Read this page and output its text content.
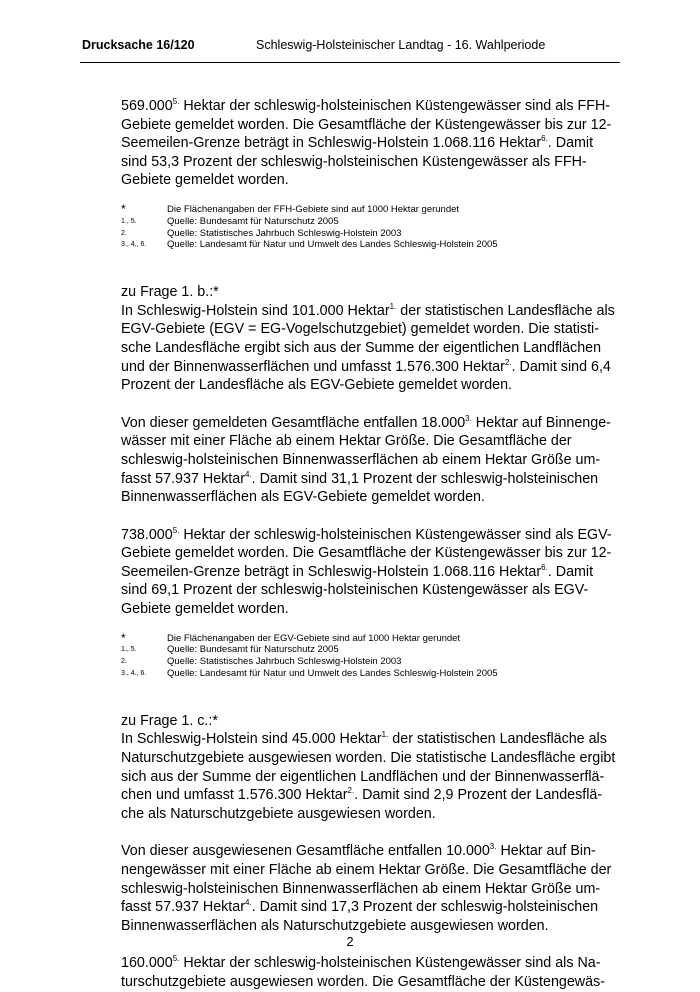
Drucksache 16/120	Schleswig-Holsteinischer Landtag - 16. Wahlperiode
$569.000^{5.}$ Hektar der schleswig-holsteinischen Küstengewässer sind als FFH-
Gebiete gemeldet worden. Die Gesamtfläche der Küstengewässer bis zur 12-
Seemeilen-Grenze beträgt in Schleswig-Holstein 1.068.116 Hektar$^{6.}$. Damit
sind 53,3 Prozent der schleswig-holsteinischen Küstengewässer als FFH-
Gebiete gemeldet worden.
*	Die Flächenangaben der FFH-Gebiete sind auf 1000 Hektar gerundet
1., 5.	Quelle: Bundesamt für Naturschutz 2005
2.	Quelle: Statistisches Jahrbuch Schleswig-Holstein 2003
3., 4., 6.	Quelle: Landesamt für Natur und Umwelt des Landes Schleswig-Holstein 2005
zu Frage 1. b.:*
In Schleswig-Holstein sind 101.000 Hektar$^{1.}$ der statistischen Landesfläche als
EGV-Gebiete (EGV = EG-Vogelschutzgebiet) gemeldet worden. Die statisti-
sche Landesfläche ergibt sich aus der Summe der eigentlichen Landflächen
und der Binnenwasserflächen und umfasst 1.576.300 Hektar$^{2.}$. Damit sind 6,4
Prozent der Landesfläche als EGV-Gebiete gemeldet worden.
Von dieser gemeldeten Gesamtfläche entfallen $18.000^{3.}$ Hektar auf Binnenge-
wässer mit einer Fläche ab einem Hektar Größe. Die Gesamtfläche der
schleswig-holsteinischen Binnenwasserflächen ab einem Hektar Größe um-
fasst 57.937 Hektar$^{4.}$. Damit sind 31,1 Prozent der schleswig-holsteinischen
Binnenwasserflächen als EGV-Gebiete gemeldet worden.
$738.000^{5.}$ Hektar der schleswig-holsteinischen Küstengewässer sind als EGV-
Gebiete gemeldet worden. Die Gesamtfläche der Küstengewässer bis zur 12-
Seemeilen-Grenze beträgt in Schleswig-Holstein 1.068.116 Hektar$^{6.}$. Damit
sind 69,1 Prozent der schleswig-holsteinischen Küstengewässer als EGV-
Gebiete gemeldet worden.
*	Die Flächenangaben der EGV-Gebiete sind auf 1000 Hektar gerundet
1., 5.	Quelle: Bundesamt für Naturschutz 2005
2.	Quelle: Statistisches Jahrbuch Schleswig-Holstein 2003
3., 4., 6.	Quelle: Landesamt für Natur und Umwelt des Landes Schleswig-Holstein 2005
zu Frage 1. c.:*
In Schleswig-Holstein sind 45.000 Hektar$^{1.}$ der statistischen Landesfläche als
Naturschutzgebiete ausgewiesen worden. Die statistische Landesfläche ergibt
sich aus der Summe der eigentlichen Landflächen und der Binnenwasserflä-
chen und umfasst 1.576.300 Hektar$^{2.}$. Damit sind 2,9 Prozent der Landesflä-
che als Naturschutzgebiete ausgewiesen worden.
Von dieser ausgewiesenen Gesamtfläche entfallen $10.000^{3.}$ Hektar auf Bin-
nengewässer mit einer Fläche ab einem Hektar Größe. Die Gesamtfläche der
schleswig-holsteinischen Binnenwasserflächen ab einem Hektar Größe um-
fasst 57.937 Hektar$^{4.}$. Damit sind 17,3 Prozent der schleswig-holsteinischen
Binnenwasserflächen als Naturschutzgebiete ausgewiesen worden.
$160.000^{5.}$ Hektar der schleswig-holsteinischen Küstengewässer sind als Na-
turschutzgebiete ausgewiesen worden. Die Gesamtfläche der Küstengewäs-
2
